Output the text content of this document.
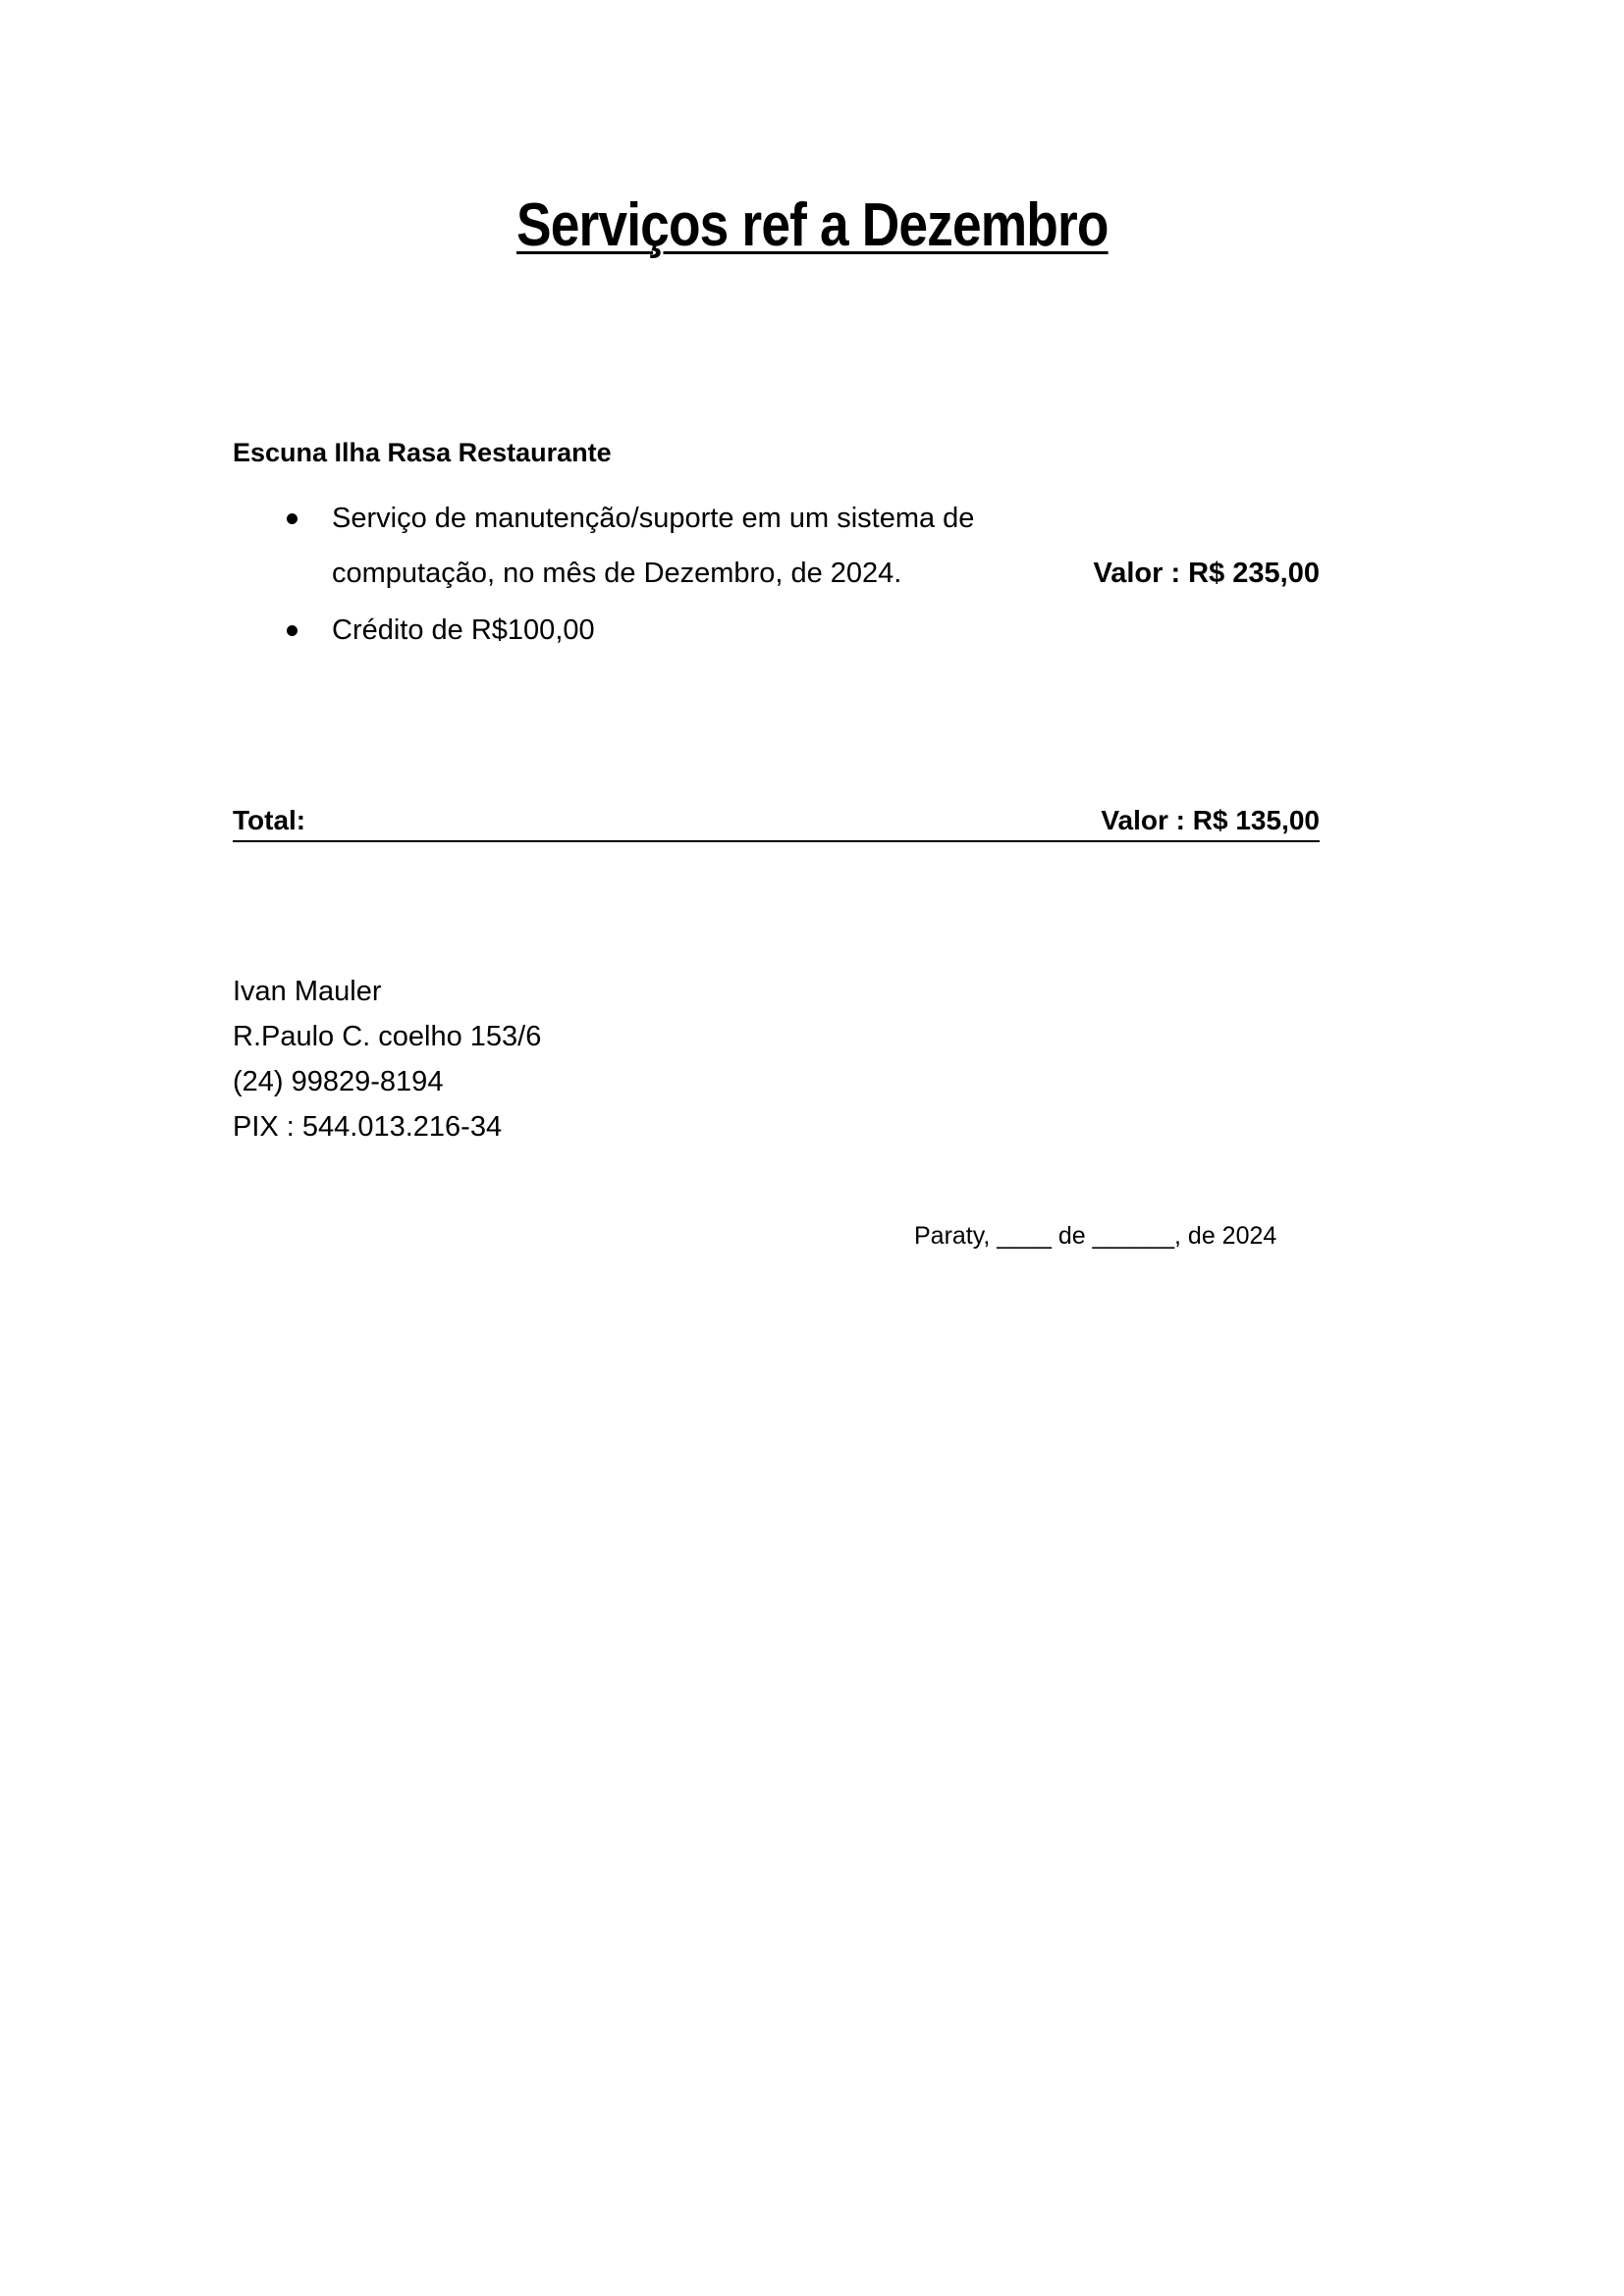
Serviços ref a Dezembro
Escuna Ilha Rasa Restaurante
Serviço de manutenção/suporte em um sistema de
computação, no mês de Dezembro, de 2024.	Valor : R$ 235,00
Crédito de R$100,00
Total:	Valor : R$ 135,00
Ivan Mauler
R.Paulo C. coelho 153/6
(24) 99829-8194
PIX : 544.013.216-34
Paraty, ____ de ______, de 2024
